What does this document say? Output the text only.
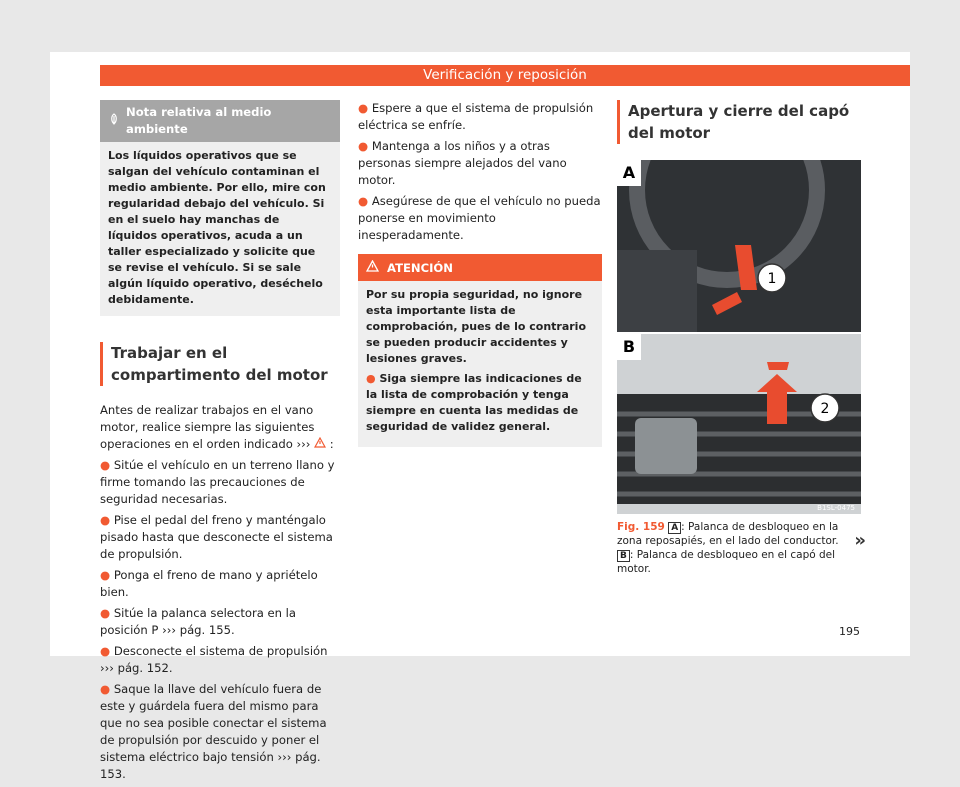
Verificación y reposición
Nota relativa al medio ambiente
Los líquidos operativos que se salgan del vehículo contaminan el medio ambiente. Por ello, mire con regularidad debajo del vehículo. Si en el suelo hay manchas de líquidos operativos, acuda a un taller especializado y solicite que se revise el vehículo. Si se sale algún líquido operativo, deséchelo debidamente.
Trabajar en el compartimento del motor

Antes de realizar trabajos en el vano motor, realice siempre las siguientes operaciones en el orden indicado ››› :

● Sitúe el vehículo en un terreno llano y firme tomando las precauciones de seguridad necesarias.

● Pise el pedal del freno y manténgalo pisado hasta que desconecte el sistema de propulsión.

● Ponga el freno de mano y apriételo bien.

● Sitúe la palanca selectora en la posición P ››› pág. 155.

● Desconecte el sistema de propulsión ››› pág. 152.

● Saque la llave del vehículo fuera de este y guárdela fuera del mismo para que no sea posible conectar el sistema de propulsión por descuido y poner el sistema eléctrico bajo tensión ››› pág. 153.

● Espere a que el sistema de propulsión eléctrica se enfríe.

● Mantenga a los niños y a otras personas siempre alejados del vano motor.

● Asegúrese de que el vehículo no pueda ponerse en movimiento inesperadamente.

ATENCIÓN

Por su propia seguridad, no ignore esta importante lista de comprobación, pues de lo contrario se pueden producir accidentes y lesiones graves.

● Siga siempre las indicaciones de la lista de comprobación y tenga siempre en cuenta las medidas de seguridad de validez general.

Apertura y cierre del capó del motor
1
A
2
B1SL-0475
B
Fig. 159 A : Palanca de desbloqueo en la zona reposapiés, en el lado del conductor. B : Palanca de desbloqueo en el capó del motor.
»
195
